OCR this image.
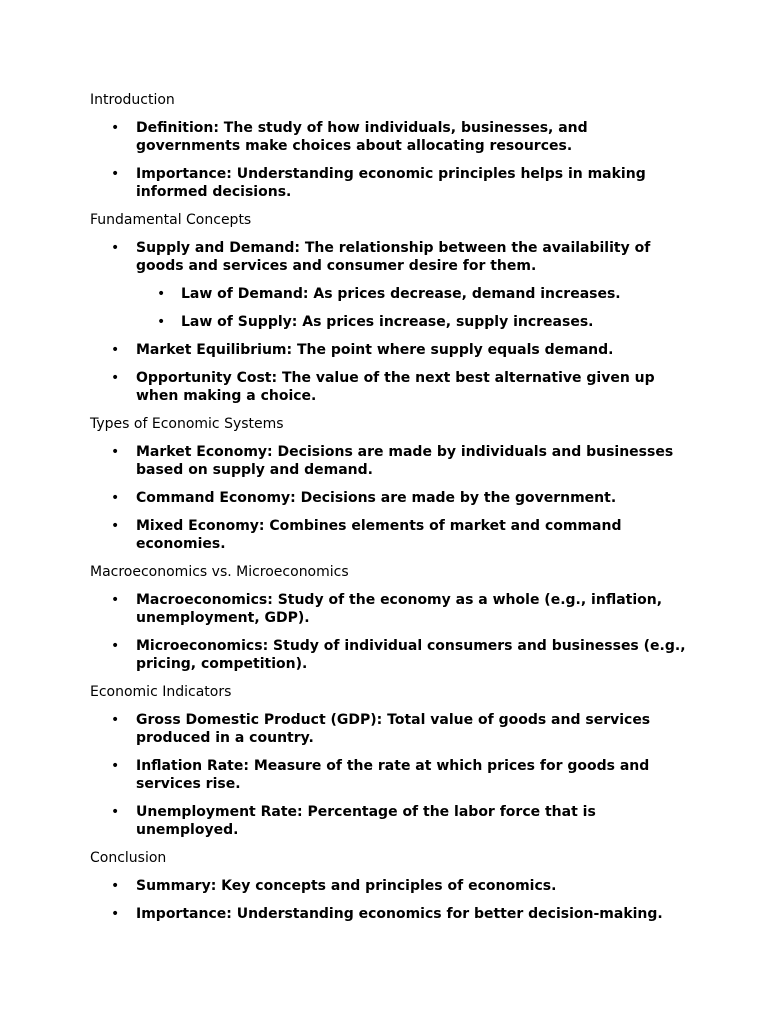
Introduction
• Definition: The study of how individuals, businesses, and governments make choices about allocating resources.
• Importance: Understanding economic principles helps in making informed decisions.
Fundamental Concepts
• Supply and Demand: The relationship between the availability of goods and services and consumer desire for them.
• Law of Demand: As prices decrease, demand increases.
• Law of Supply: As prices increase, supply increases.
• Market Equilibrium: The point where supply equals demand.
• Opportunity Cost: The value of the next best alternative given up when making a choice.
Types of Economic Systems
• Market Economy: Decisions are made by individuals and businesses based on supply and demand.
• Command Economy: Decisions are made by the government.
• Mixed Economy: Combines elements of market and command economies.
Macroeconomics vs. Microeconomics
• Macroeconomics: Study of the economy as a whole (e.g., inflation, unemployment, GDP).
• Microeconomics: Study of individual consumers and businesses (e.g., pricing, competition).
Economic Indicators
• Gross Domestic Product (GDP): Total value of goods and services produced in a country.
• Inflation Rate: Measure of the rate at which prices for goods and services rise.
• Unemployment Rate: Percentage of the labor force that is unemployed.
Conclusion
• Summary: Key concepts and principles of economics.
• Importance: Understanding economics for better decision-making.
